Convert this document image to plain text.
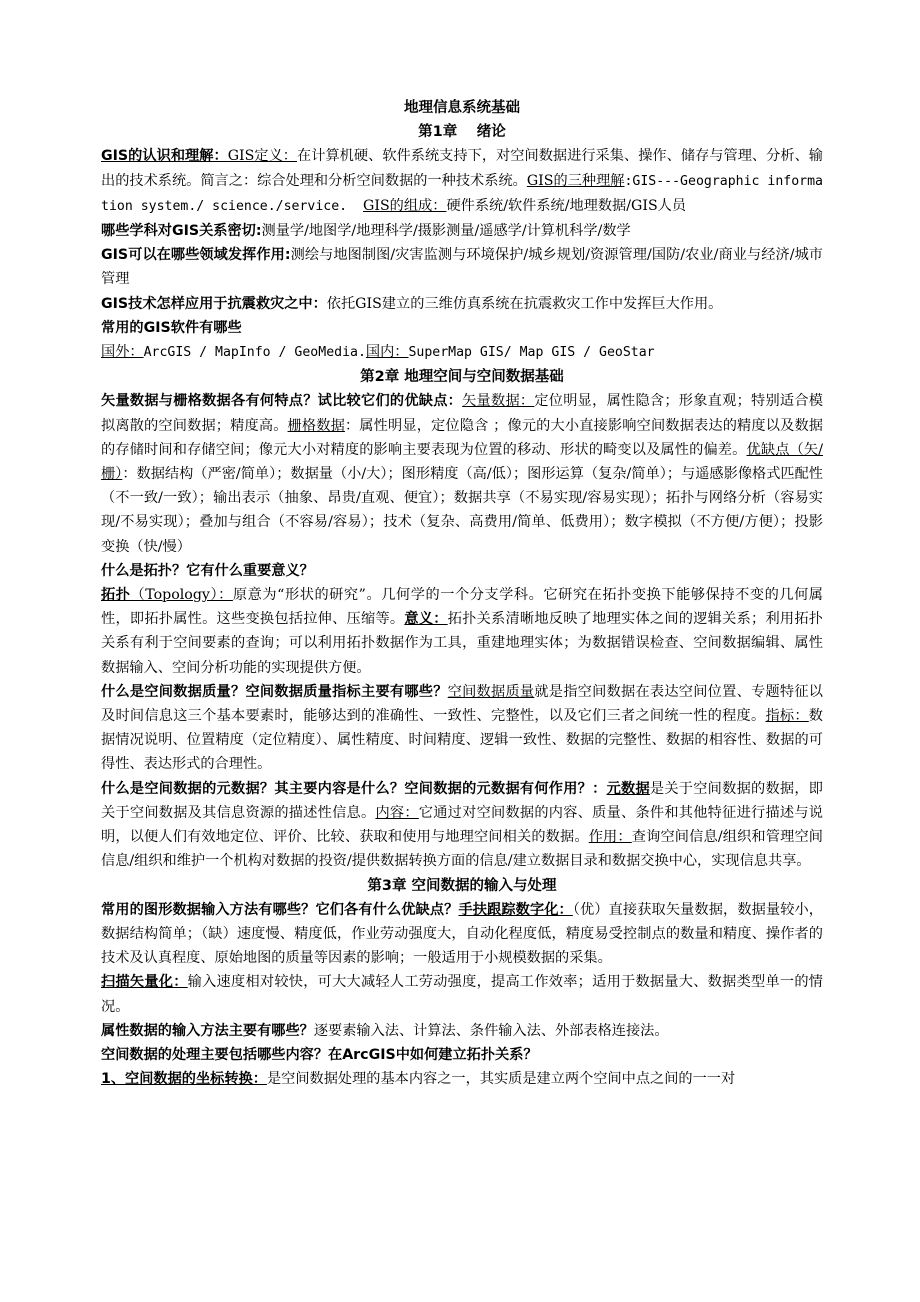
地理信息系统基础
第1章　 绪论

GIS的认识和理解：GIS定义：在计算机硬、软件系统支持下，对空间数据进行采集、操作、储存与管理、分析、输出的技术系统。简言之：综合处理和分析空间数据的一种技术系统。GIS的三种理解:GIS---Geographic information system./ science./service.  GIS的组成：硬件系统/软件系统/地理数据/GIS人员

哪些学科对GIS关系密切:测量学/地图学/地理科学/摄影测量/遥感学/计算机科学/数学

GIS可以在哪些领域发挥作用:测绘与地图制图/灾害监测与环境保护/城乡规划/资源管理/国防/农业/商业与经济/城市管理

GIS技术怎样应用于抗震救灾之中：依托GIS建立的三维仿真系统在抗震救灾工作中发挥巨大作用。

常用的GIS软件有哪些

国外：ArcGIS / MapInfo / GeoMedia.国内：SuperMap GIS/ Map GIS / GeoStar

第2章 地理空间与空间数据基础

矢量数据与栅格数据各有何特点？试比较它们的优缺点：矢量数据：定位明显，属性隐含；形象直观；特别适合模拟离散的空间数据；精度高。栅格数据：属性明显，定位隐含 ；像元的大小直接影响空间数据表达的精度以及数据的存储时间和存储空间；像元大小对精度的影响主要表现为位置的移动、形状的畸变以及属性的偏差。优缺点（矢/栅）：数据结构（严密/简单）；数据量（小/大）；图形精度（高/低）；图形运算（复杂/简单）；与遥感影像格式匹配性（不一致/一致）；输出表示（抽象、昂贵/直观、便宜）；数据共享（不易实现/容易实现）；拓扑与网络分析（容易实现/不易实现）；叠加与组合（不容易/容易）；技术（复杂、高费用/简单、低费用）；数字模拟（不方便/方便）；投影变换（快/慢）

什么是拓扑？它有什么重要意义？

拓扑（Topology）：原意为“形状的研究”。几何学的一个分支学科。它研究在拓扑变换下能够保持不变的几何属性，即拓扑属性。这些变换包括拉伸、压缩等。意义：拓扑关系清晰地反映了地理实体之间的逻辑关系；利用拓扑关系有利于空间要素的查询；可以利用拓扑数据作为工具，重建地理实体；为数据错误检查、空间数据编辑、属性数据输入、空间分析功能的实现提供方便。

什么是空间数据质量？空间数据质量指标主要有哪些？空间数据质量就是指空间数据在表达空间位置、专题特征以及时间信息这三个基本要素时，能够达到的准确性、一致性、完整性，以及它们三者之间统一性的程度。指标：数据情况说明、位置精度（定位精度）、属性精度、时间精度、逻辑一致性、数据的完整性、数据的相容性、数据的可得性、表达形式的合理性。

什么是空间数据的元数据？其主要内容是什么？空间数据的元数据有何作用？：元数据是关于空间数据的数据，即关于空间数据及其信息资源的描述性信息。内容：它通过对空间数据的内容、质量、条件和其他特征进行描述与说明，以便人们有效地定位、评价、比较、获取和使用与地理空间相关的数据。作用：查询空间信息/组织和管理空间信息/组织和维护一个机构对数据的投资/提供数据转换方面的信息/建立数据目录和数据交换中心，实现信息共享。

第3章 空间数据的输入与处理

常用的图形数据输入方法有哪些？它们各有什么优缺点？手扶跟踪数字化：（优）直接获取矢量数据，数据量较小，数据结构简单；（缺）速度慢、精度低，作业劳动强度大，自动化程度低，精度易受控制点的数量和精度、操作者的技术及认真程度、原始地图的质量等因素的影响；一般适用于小规模数据的采集。

扫描矢量化：输入速度相对较快，可大大减轻人工劳动强度，提高工作效率；适用于数据量大、数据类型单一的情况。

属性数据的输入方法主要有哪些？逐要素输入法、计算法、条件输入法、外部表格连接法。

空间数据的处理主要包括哪些内容？在ArcGIS中如何建立拓扑关系？

1、空间数据的坐标转换：是空间数据处理的基本内容之一，其实质是建立两个空间中点之间的一一对
